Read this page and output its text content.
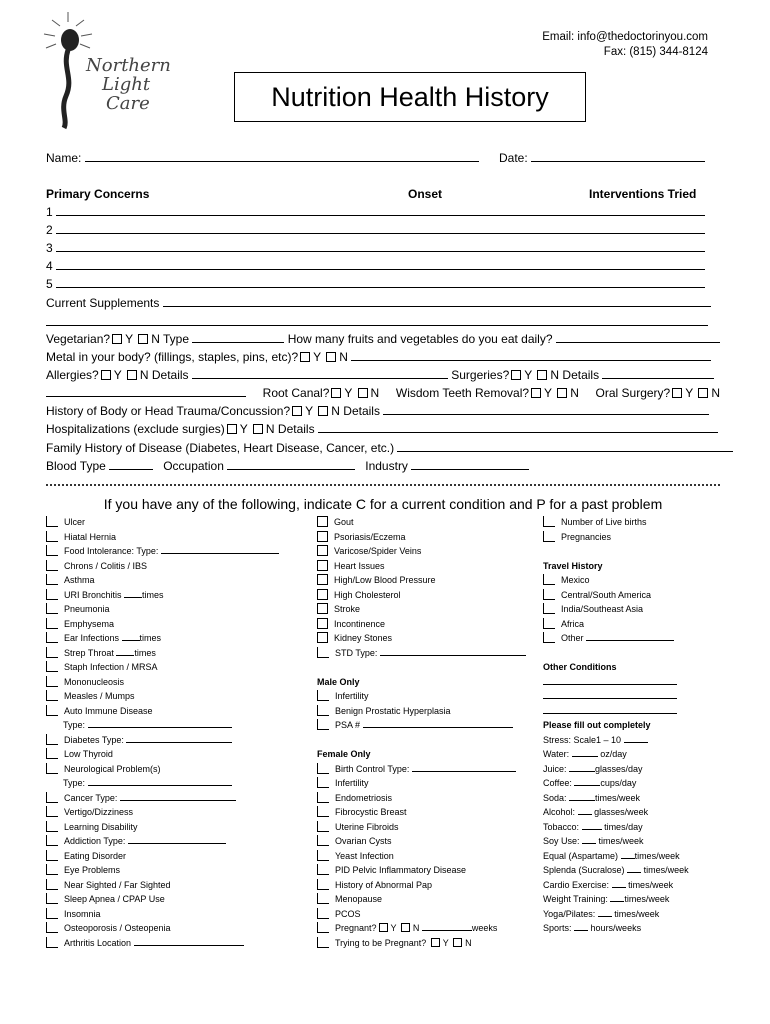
Northern
Light
Care
Email: info@thedoctorinyou.com
Fax: (815) 344-8124
Nutrition Health History
Name:	Date:
Primary Concerns	Onset	Interventions Tried
1
2
3
4
5
Current Supplements
Vegetarian? Y N Type	How many fruits and vegetables do you eat daily?
Metal in your body? (fillings, staples, pins, etc)? Y N
Allergies? Y N Details	Surgeries? Y N Details
Root Canal? Y N Wisdom Teeth Removal? Y N Oral Surgery? Y N
History of Body or Head Trauma/Concussion? Y N Details
Hospitalizations (exclude surgies) Y N Details
Family History of Disease (Diabetes, Heart Disease, Cancer, etc.)
Blood Type	Occupation	Industry
If you have any of the following, indicate C for a current condition and P for a past problem
Ulcer
Hiatal Hernia
Food Intolerance: Type:
Chrons / Colitis / IBS
Asthma
URI Bronchitis times
Pneumonia
Emphysema
Ear Infections times
Strep Throat times
Staph Infection / MRSA
Mononucleosis
Measles / Mumps
Auto Immune Disease
Type:
Diabetes Type:
Low Thyroid
Neurological Problem(s)
Type:
Cancer Type:
Vertigo/Dizziness
Learning Disability
Addiction Type:
Eating Disorder
Eye Problems
Near Sighted / Far Sighted
Sleep Apnea / CPAP Use
Insomnia
Osteoporosis / Osteopenia
Arthritis Location
Gout
Psoriasis/Eczema
Varicose/Spider Veins
Heart Issues
High/Low Blood Pressure
High Cholesterol
Stroke
Incontinence
Kidney Stones
STD Type:
Male Only
Infertility
Benign Prostatic Hyperplasia
PSA #
Female Only
Birth Control Type:
Infertility
Endometriosis
Fibrocystic Breast
Uterine Fibroids
Ovarian Cysts
Yeast Infection
PID Pelvic Inflammatory Disease
History of Abnormal Pap
Menopause
PCOS
Pregnant? Y N	weeks
Trying to be Pregnant? Y N
Number of Live births
Pregnancies
Travel History
Mexico
Central/South America
India/Southeast Asia
Africa
Other
Other Conditions
Please fill out completely
Stress: Scale1 – 10
Water:	oz/day
Juice:	glasses/day
Coffee:	cups/day
Soda:	times/week
Alcohol: glasses/week
Tobacco:	times/day
Soy Use: times/week
Equal (Aspartame) times/week
Splenda (Sucralose) times/week
Cardio Exercise: times/week
Weight Training: times/week
Yoga/Pilates: times/week
Sports: hours/weeks
